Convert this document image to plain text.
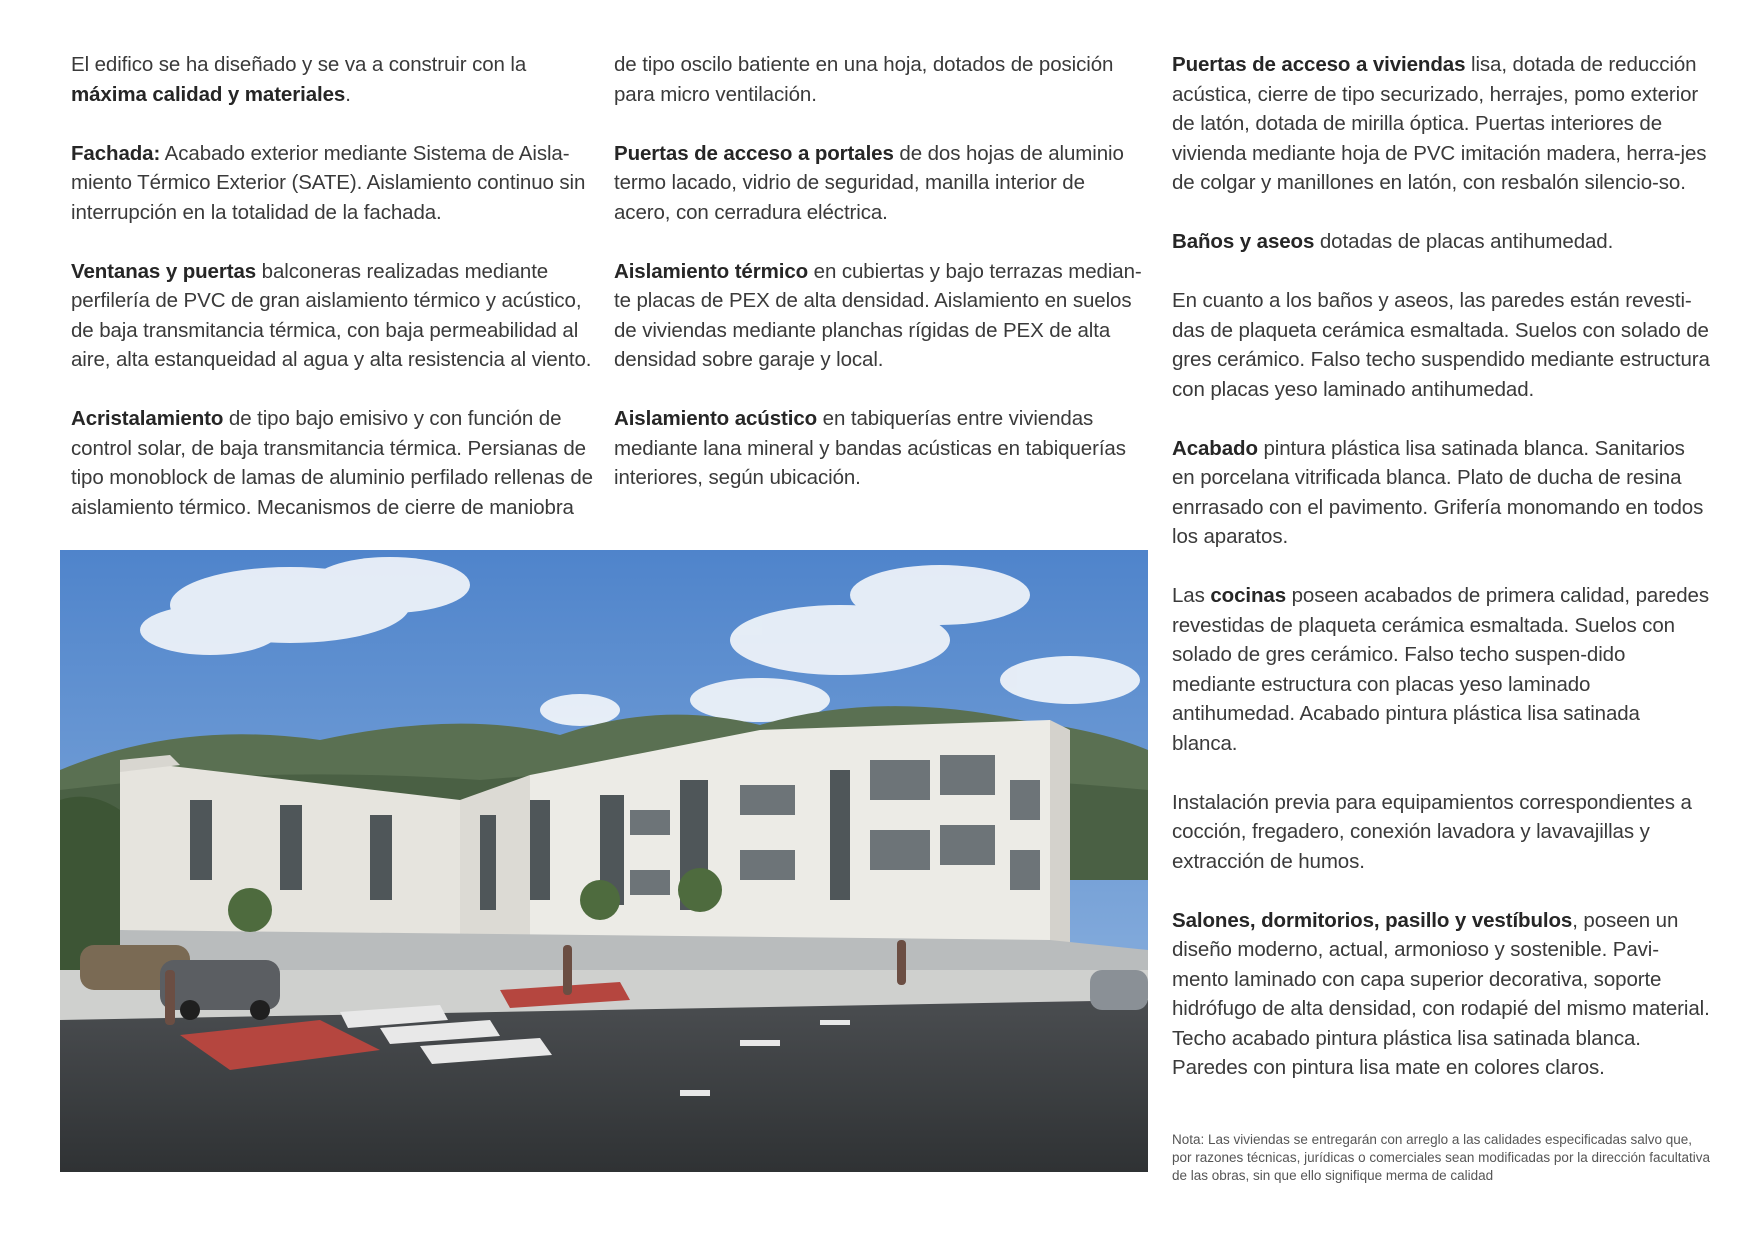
El edifico se ha diseñado y se va a construir con la máxima calidad y materiales.

Fachada: Acabado exterior mediante Sistema de Aisla-miento Térmico Exterior (SATE). Aislamiento continuo sin interrupción en la totalidad de la fachada.

Ventanas y puertas balconeras realizadas mediante perfilería de PVC de gran aislamiento térmico y acústico, de baja transmitancia térmica, con baja permeabilidad al aire, alta estanqueidad al agua y alta resistencia al viento.

Acristalamiento de tipo bajo emisivo y con función de control solar, de baja transmitancia térmica. Persianas de tipo monoblock de lamas de aluminio perfilado rellenas de aislamiento térmico. Mecanismos de cierre de maniobra

de tipo oscilo batiente en una hoja, dotados de posición para micro ventilación.

Puertas de acceso a portales de dos hojas de aluminio termo lacado, vidrio de seguridad, manilla interior de acero, con cerradura eléctrica.

Aislamiento térmico en cubiertas y bajo terrazas median-te placas de PEX de alta densidad. Aislamiento en suelos de viviendas mediante planchas rígidas de PEX de alta densidad sobre garaje y local.

Aislamiento acústico en tabiquerías entre viviendas mediante lana mineral y bandas acústicas en tabiquerías interiores, según ubicación.

Puertas de acceso a viviendas lisa, dotada de reducción acústica, cierre de tipo securizado, herrajes, pomo exterior de latón, dotada de mirilla óptica. Puertas interiores de vivienda mediante hoja de PVC imitación madera, herra-jes de colgar y manillones en latón, con resbalón silencio-so.

Baños y aseos dotadas de placas antihumedad.

En cuanto a los baños y aseos, las paredes están revesti-das de plaqueta cerámica esmaltada. Suelos con solado de gres cerámico. Falso techo suspendido mediante estructura con placas yeso laminado antihumedad.

Acabado pintura plástica lisa satinada blanca. Sanitarios en porcelana vitrificada blanca. Plato de ducha de resina enrrasado con el pavimento. Grifería monomando en todos los aparatos.

Las cocinas poseen acabados de primera calidad, paredes revestidas de plaqueta cerámica esmaltada. Suelos con solado de gres cerámico. Falso techo suspen-dido mediante estructura con placas yeso laminado antihumedad. Acabado pintura plástica lisa satinada blanca.

Instalación previa para equipamientos correspondientes a cocción, fregadero, conexión lavadora y lavavajillas y extracción de humos.

Salones, dormitorios, pasillo y vestíbulos, poseen un diseño moderno, actual, armonioso y sostenible. Pavi-mento laminado con capa superior decorativa, soporte hidrófugo de alta densidad, con rodapié del mismo material. Techo acabado pintura plástica lisa satinada blanca. Paredes con pintura lisa mate en colores claros.

Nota: Las viviendas se entregarán con arreglo a las calidades especificadas salvo que, por razones técnicas, jurídicas o comerciales sean modificadas por la dirección facultativa de las obras, sin que ello signifique merma de calidad
